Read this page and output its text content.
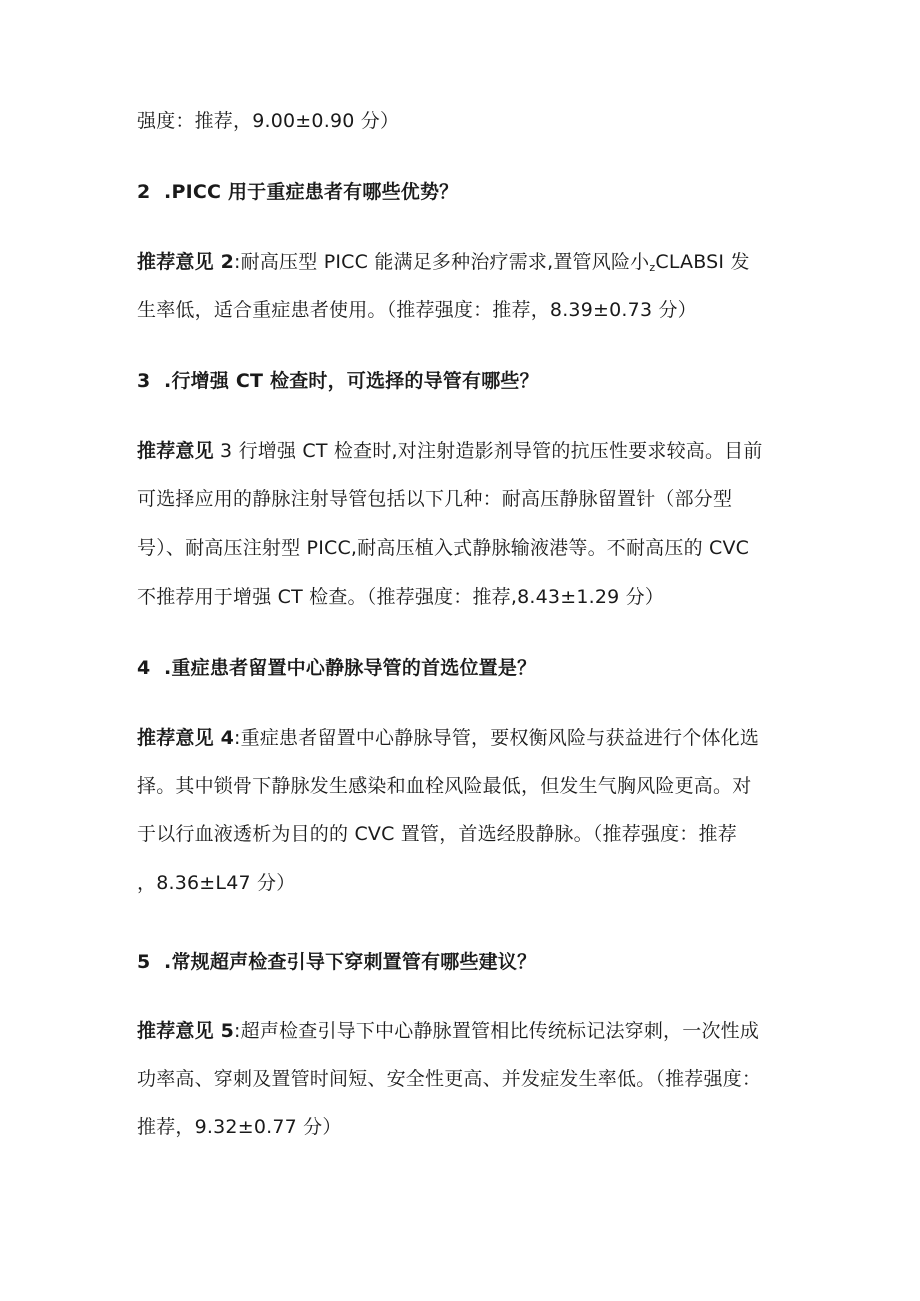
强度：推荐，9.00±0.90 分）
2  .PICC 用于重症患者有哪些优势？
推荐意见 2:耐高压型 PICC 能满足多种治疗需求,置管风险小$_z$CLABSI 发
生率低，适合重症患者使用。（推荐强度：推荐，8.39±0.73 分）
3  .行增强 CT 检查时，可选择的导管有哪些？
推荐意见 3 行增强 CT 检查时,对注射造影剂导管的抗压性要求较高。目前
可选择应用的静脉注射导管包括以下几种：耐高压静脉留置针（部分型
号）、耐高压注射型 PICC,耐高压植入式静脉输液港等。不耐高压的 CVC
不推荐用于增强 CT 检查。（推荐强度：推荐,8.43±1.29 分）
4  .重症患者留置中心静脉导管的首选位置是？
推荐意见 4:重症患者留置中心静脉导管，要权衡风险与获益进行个体化选
择。其中锁骨下静脉发生感染和血栓风险最低，但发生气胸风险更高。对
于以行血液透析为目的的 CVC 置管，首选经股静脉。（推荐强度：推荐
，8.36±L47 分）
5  .常规超声检查引导下穿刺置管有哪些建议？
推荐意见 5:超声检查引导下中心静脉置管相比传统标记法穿刺，一次性成
功率高、穿刺及置管时间短、安全性更高、并发症发生率低。（推荐强度：
推荐，9.32±0.77 分）
